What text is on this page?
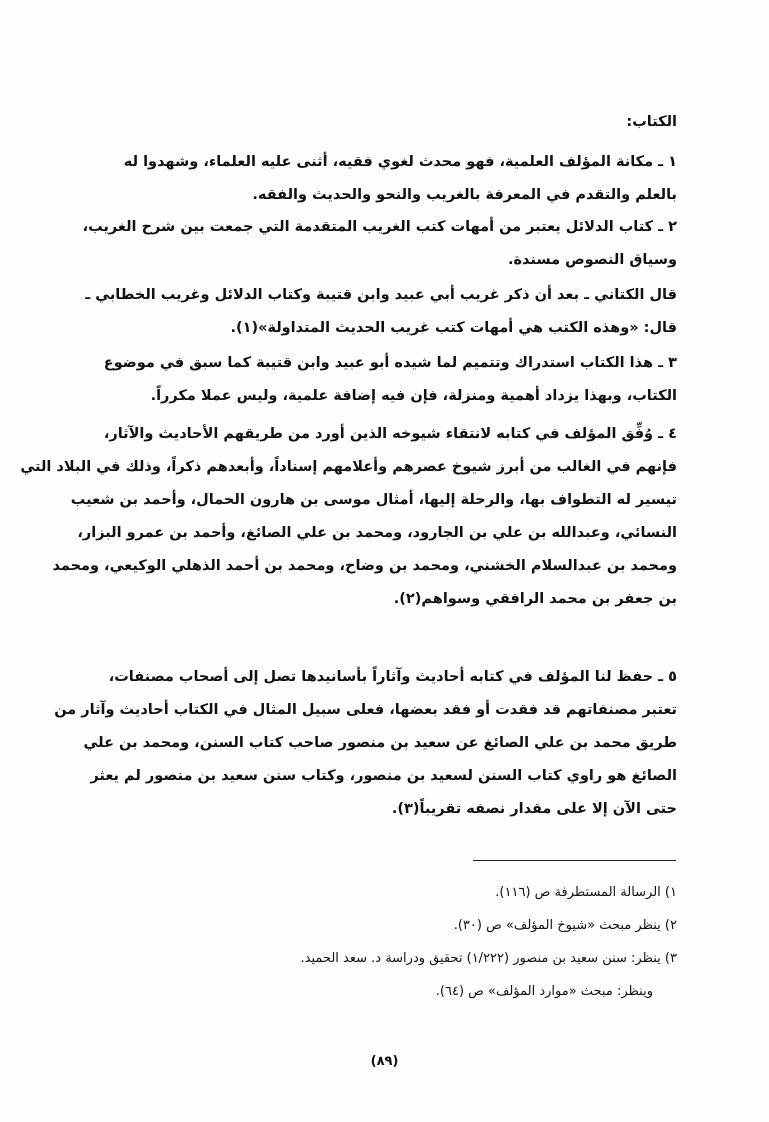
الكتاب:
١ ـ مكانة المؤلف العلمية، فهو محدث لغوي فقيه، أثنى عليه العلماء، وشهدوا له
بالعلم والتقدم في المعرفة بالغريب والنحو والحديث والفقه.
٢ ـ كتاب الدلائل يعتبر من أمهات كتب الغريب المتقدمة التي جمعت بين شرح الغريب،
وسياق النصوص مسندة.
قال الكتاني ـ بعد أن ذكر غريب أبي عبيد وابن قتيبة وكتاب الدلائل وغريب الخطابي ـ
قال: «وهذه الكتب هي أمهات كتب غريب الحديث المتداولة»(١).
٣ ـ هذا الكتاب استدراك وتتميم لما شيده أبو عبيد وابن قتيبة كما سبق في موضوع
الكتاب، وبهذا يزداد أهمية ومنزلة، فإن فيه إضافة علمية، وليس عملا مكرراً.
٤ ـ وُفِّق المؤلف في كتابه لانتقاء شيوخه الذين أورد من طريقهم الأحاديث والآثار،
فإنهم في الغالب من أبرز شيوخ عصرهم وأعلامهم إسناداً، وأبعدهم ذكراً، وذلك في البلاد التي
تيسير له التطواف بها، والرحلة إليها، أمثال موسى بن هارون الحمال، وأحمد بن شعيب
النسائي، وعبدالله بن علي بن الجارود، ومحمد بن علي الصائغ، وأحمد بن عمرو البزار،
ومحمد بن عبدالسلام الخشني، ومحمد بن وضاح، ومحمد بن أحمد الذهلي الوكيعي، ومحمد
بن جعفر بن محمد الرافقي وسواهم(٢).
٥ ـ حفظ لنا المؤلف في كتابه أحاديث وآثاراً بأسانيدها تصل إلى أصحاب مصنفات،
تعتبر مصنفاتهم قد فقدت أو فقد بعضها، فعلى سبيل المثال في الكتاب أحاديث وآثار من
طريق محمد بن علي الصائغ عن سعيد بن منصور صاحب كتاب السنن، ومحمد بن علي
الصائغ هو راوي كتاب السنن لسعيد بن منصور، وكتاب سنن سعيد بن منصور لم يعثر
حتى الآن إلا على مقدار نصفه تقريباً(٣).
١) الرسالة المستطرفة ص (١١٦).
٢) ينظر مبحث «شيوخ المؤلف» ص (٣٠).
٣) ينظر: سنن سعيد بن منصور (١/٢٢٢) تحقيق ودراسة د. سعد الحميد.
وينظر: مبحث «موارد المؤلف» ص (٦٤).
(٨٩)
